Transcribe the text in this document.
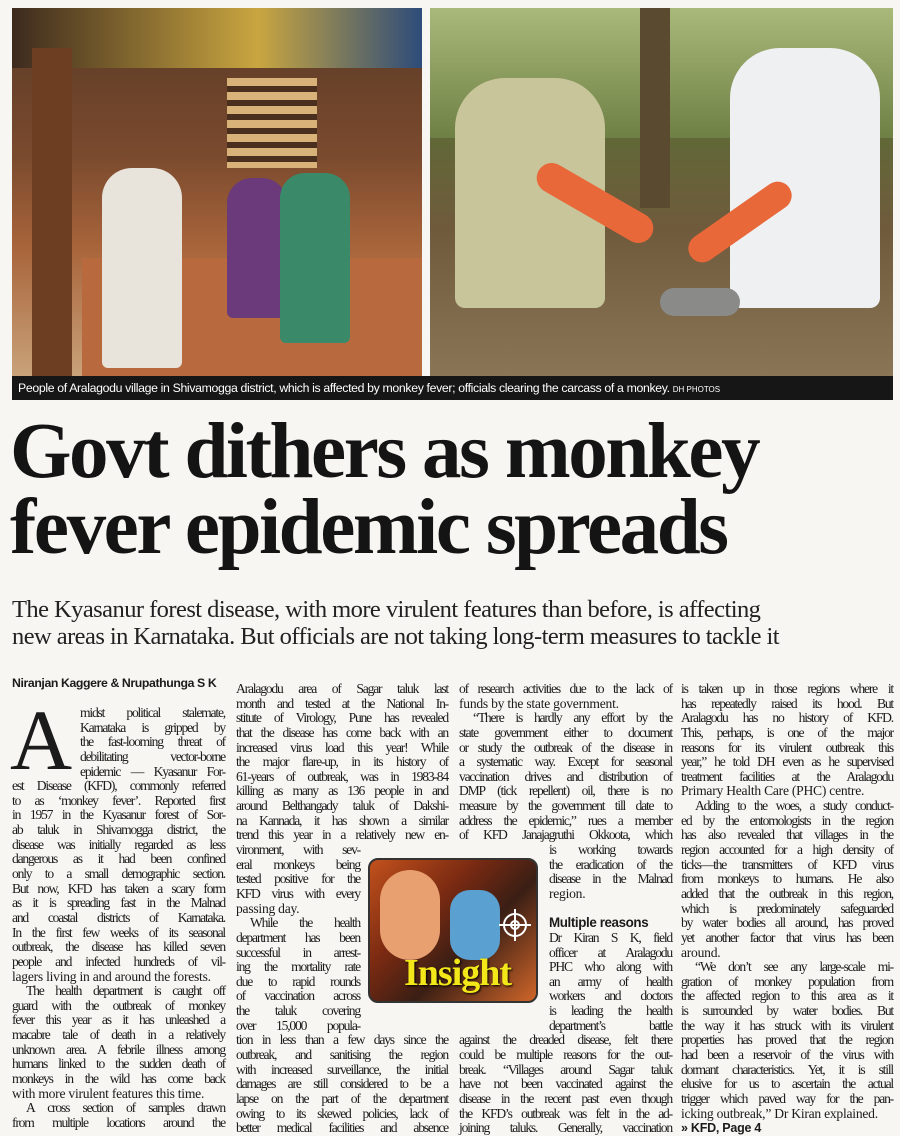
People of Aralagodu village in Shivamogga district, which is affected by monkey fever; officials clearing the carcass of a monkey. DH PHOTOS
Govt dithers as monkey
fever epidemic spreads
The Kyasanur forest disease, with more virulent features than before, is affecting
new areas in Karnataka. But officials are not taking long-term measures to tackle it
Niranjan Kaggere & Nrupathunga S K
A midst political stalemate,
Karnataka is gripped by
the fast-looming threat of
debilitating vector-borne
epidemic — Kyasanur For-
est Disease (KFD), commonly referred
to as ‘monkey fever’. Reported first
in 1957 in the Kyasanur forest of Sor-
ab taluk in Shivamogga district, the
disease was initially regarded as less
dangerous as it had been confined
only to a small demographic section.
But now, KFD has taken a scary form
as it is spreading fast in the Malnad
and coastal districts of Karnataka.
In the first few weeks of its seasonal
outbreak, the disease has killed seven
people and infected hundreds of vil-
lagers living in and around the forests.
The health department is caught off
guard with the outbreak of monkey
fever this year as it has unleashed a
macabre tale of death in a relatively
unknown area. A febrile illness among
humans linked to the sudden death of
monkeys in the wild has come back
with more virulent features this time.
A cross section of samples drawn
from multiple locations around the
Aralagodu area of Sagar taluk last
month and tested at the National In-
stitute of Virology, Pune has revealed
that the disease has come back with an
increased virus load this year! While
the major flare-up, in its history of
61-years of outbreak, was in 1983-84
killing as many as 136 people in and
around Belthangady taluk of Dakshi-
na Kannada, it has shown a similar
trend this year in a relatively new en-
vironment, with sev-
eral monkeys being
tested positive for the
KFD virus with every
passing day.
While the health
department has been
successful in arrest-
ing the mortality rate
due to rapid rounds
of vaccination across
the taluk covering
over 15,000 popula-
tion in less than a few days since the
outbreak, and sanitising the region
with increased surveillance, the initial
damages are still considered to be a
lapse on the part of the department
owing to its skewed policies, lack of
better medical facilities and absence
of research activities due to the lack of
funds by the state government.
“There is hardly any effort by the
state government either to document
or study the outbreak of the disease in
a systematic way. Except for seasonal
vaccination drives and distribution of
DMP (tick repellent) oil, there is no
measure by the government till date to
address the epidemic,” rues a member
of KFD Janajagruthi Okkoota, which
is working towards
the eradication of the
disease in the Malnad
region.
Multiple reasons
Dr Kiran S K, field
officer at Aralagodu
PHC who along with
an army of health
workers and doctors
is leading the health
department’s battle
against the dreaded disease, felt there
could be multiple reasons for the out-
break. “Villages around Sagar taluk
have not been vaccinated against the
disease in the recent past even though
the KFD’s outbreak was felt in the ad-
joining taluks. Generally, vaccination
is taken up in those regions where it
has repeatedly raised its hood. But
Aralagodu has no history of KFD.
This, perhaps, is one of the major
reasons for its virulent outbreak this
year,” he told DH even as he supervised
treatment facilities at the Aralagodu
Primary Health Care (PHC) centre.
Adding to the woes, a study conduct-
ed by the entomologists in the region
has also revealed that villages in the
region accounted for a high density of
ticks—the transmitters of KFD virus
from monkeys to humans. He also
added that the outbreak in this region,
which is predominately safeguarded
by water bodies all around, has proved
yet another factor that virus has been
around.
“We don’t see any large-scale mi-
gration of monkey population from
the affected region to this area as it
is surrounded by water bodies. But
the way it has struck with its virulent
properties has proved that the region
had been a reservoir of the virus with
dormant characteristics. Yet, it is still
elusive for us to ascertain the actual
trigger which paved way for the pan-
icking outbreak,” Dr Kiran explained.
» KFD, Page 4
Insight
